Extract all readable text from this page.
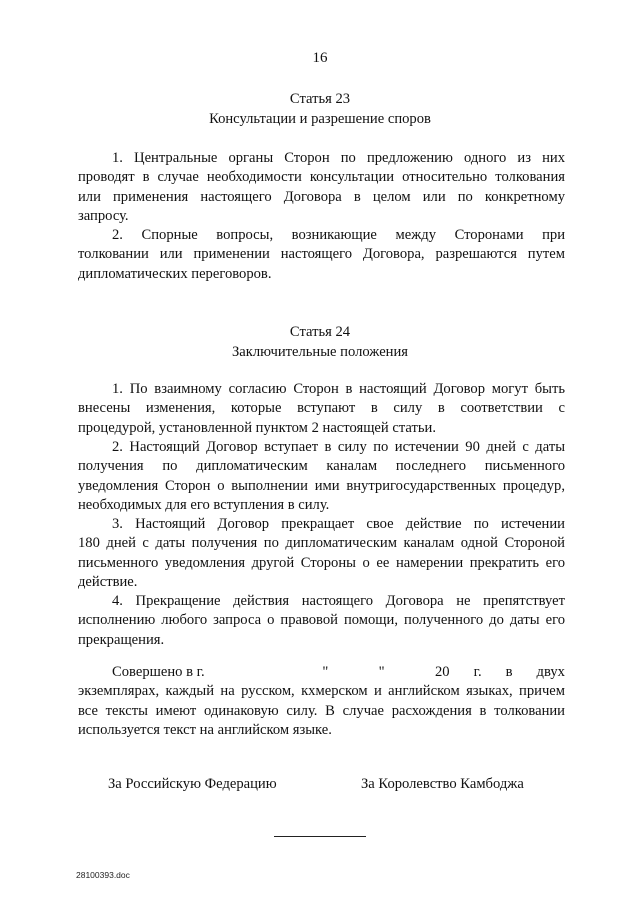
16
Статья 23
Консультации и разрешение споров
1. Центральные органы Сторон по предложению одного из них
проводят в случае необходимости консультации относительно толкования
или применения настоящего Договора в целом или по конкретному
запросу.
2. Спорные вопросы, возникающие между Сторонами при
толковании или применении настоящего Договора, разрешаются путем
дипломатических переговоров.
Статья 24
Заключительные положения
1. По взаимному согласию Сторон в настоящий Договор могут быть
внесены изменения, которые вступают в силу в соответствии с
процедурой, установленной пунктом 2 настоящей статьи.
2. Настоящий Договор вступает в силу по истечении 90 дней с даты
получения по дипломатическим каналам последнего письменного
уведомления Сторон о выполнении ими внутригосударственных процедур,
необходимых для его вступления в силу.
3. Настоящий Договор прекращает свое действие по истечении
180 дней с даты получения по дипломатическим каналам одной Стороной
письменного уведомления другой Стороны о ее намерении прекратить его
действие.
4. Прекращение действия настоящего Договора не препятствует
исполнению любого запроса о правовой помощи, полученного до даты его
прекращения.
Совершено в г.	"	"	20 г. в двух
экземплярах, каждый на русском, кхмерском и английском языках, причем
все тексты имеют одинаковую силу. В случае расхождения в толковании
используется текст на английском языке.
За Российскую Федерацию	За Королевство Камбоджа
28100393.doc
